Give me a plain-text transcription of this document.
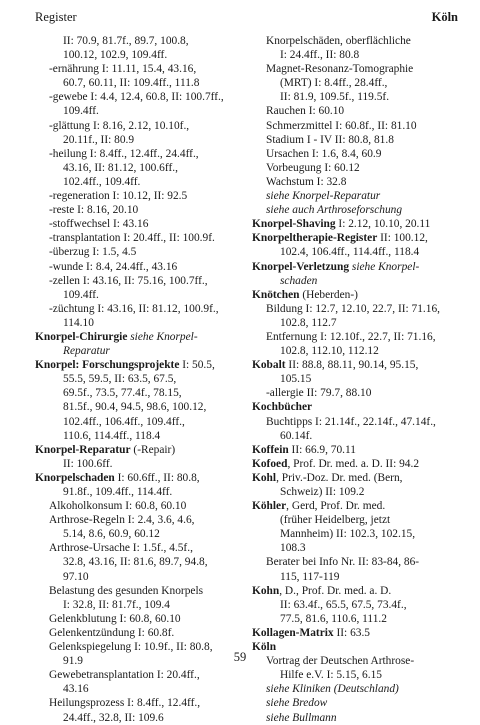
Register	Köln
II: 70.9, 81.7f., 89.7, 100.8,
100.12, 102.9, 109.4ff.
-ernährung I: 11.11, 15.4, 43.16,
60.7, 60.11, II: 109.4ff., 111.8
-gewebe I: 4.4, 12.4, 60.8, II: 100.7ff.,
109.4ff.
-glättung I: 8.16, 2.12, 10.10f.,
20.11f., II: 80.9
-heilung I: 8.4ff., 12.4ff., 24.4ff.,
43.16, II: 81.12, 100.6ff.,
102.4ff., 109.4ff.
-regeneration I: 10.12, II: 92.5
-reste I: 8.16, 20.10
-stoffwechsel I: 43.16
-transplantation I: 20.4ff., II: 100.9f.
-überzug I: 1.5, 4.5
-wunde I: 8.4, 24.4ff., 43.16
-zellen I: 43.16, II: 75.16, 100.7ff.,
109.4ff.
-züchtung I: 43.16, II: 81.12, 100.9f.,
114.10
Knorpel-Chirurgie siehe Knorpel-
Reparatur
Knorpel: Forschungsprojekte I: 50.5,
55.5, 59.5, II: 63.5, 67.5,
69.5f., 73.5, 77.4f., 78.15,
81.5f., 90.4, 94.5, 98.6, 100.12,
102.4ff., 106.4ff., 109.4ff.,
110.6, 114.4ff., 118.4
Knorpel-Reparatur (-Repair)
II: 100.6ff.
Knorpelschaden I: 60.6ff., II: 80.8,
91.8f., 109.4ff., 114.4ff.
Alkoholkonsum I: 60.8, 60.10
Arthrose-Regeln I: 2.4, 3.6, 4.6,
5.14, 8.6, 60.9, 60.12
Arthrose-Ursache I: 1.5f., 4.5f.,
32.8, 43.16, II: 81.6, 89.7, 94.8,
97.10
Belastung des gesunden Knorpels
I: 32.8, II: 81.7f., 109.4
Gelenkblutung I: 60.8, 60.10
Gelenkentzündung I: 60.8f.
Gelenkspiegelung I: 10.9f., II: 80.8,
91.9
Gewebetransplantation I: 20.4ff.,
43.16
Heilungsprozess I: 8.4ff., 12.4ff.,
24.4ff., 32.8, II: 109.6
Knorpelschäden, oberflächliche
I: 24.4ff., II: 80.8
Magnet-Resonanz-Tomographie
(MRT) I: 8.4ff., 28.4ff.,
II: 81.9, 109.5f., 119.5f.
Rauchen I: 60.10
Schmerzmittel I: 60.8f., II: 81.10
Stadium I - IV II: 80.8, 81.8
Ursachen I: 1.6, 8.4, 60.9
Vorbeugung I: 60.12
Wachstum I: 32.8
siehe Knorpel-Reparatur
siehe auch Arthroseforschung
Knorpel-Shaving I: 2.12, 10.10, 20.11
Knorpeltherapie-Register II: 100.12,
102.4, 106.4ff., 114.4ff., 118.4
Knorpel-Verletzung siehe Knorpel-
schaden
Knötchen (Heberden-)
Bildung I: 12.7, 12.10, 22.7, II: 71.16,
102.8, 112.7
Entfernung I: 12.10f., 22.7, II: 71.16,
102.8, 112.10, 112.12
Kobalt II: 88.8, 88.11, 90.14, 95.15,
105.15
-allergie II: 79.7, 88.10
Kochbücher
Buchtipps I: 21.14f., 22.14f., 47.14f.,
60.14f.
Koffein II: 66.9, 70.11
Kofoed, Prof. Dr. med. a. D. II: 94.2
Kohl, Priv.-Doz. Dr. med. (Bern,
Schweiz) II: 109.2
Köhler, Gerd, Prof. Dr. med.
(früher Heidelberg, jetzt
Mannheim) II: 102.3, 102.15,
108.3
Berater bei Info Nr. II: 83-84, 86-
115, 117-119
Kohn, D., Prof. Dr. med. a. D.
II: 63.4f., 65.5, 67.5, 73.4f.,
77.5, 81.6, 110.6, 111.2
Kollagen-Matrix II: 63.5
Köln
Vortrag der Deutschen Arthrose-
Hilfe e.V. I: 5.15, 6.15
siehe Kliniken (Deutschland)
siehe Bredow
siehe Bullmann
59
